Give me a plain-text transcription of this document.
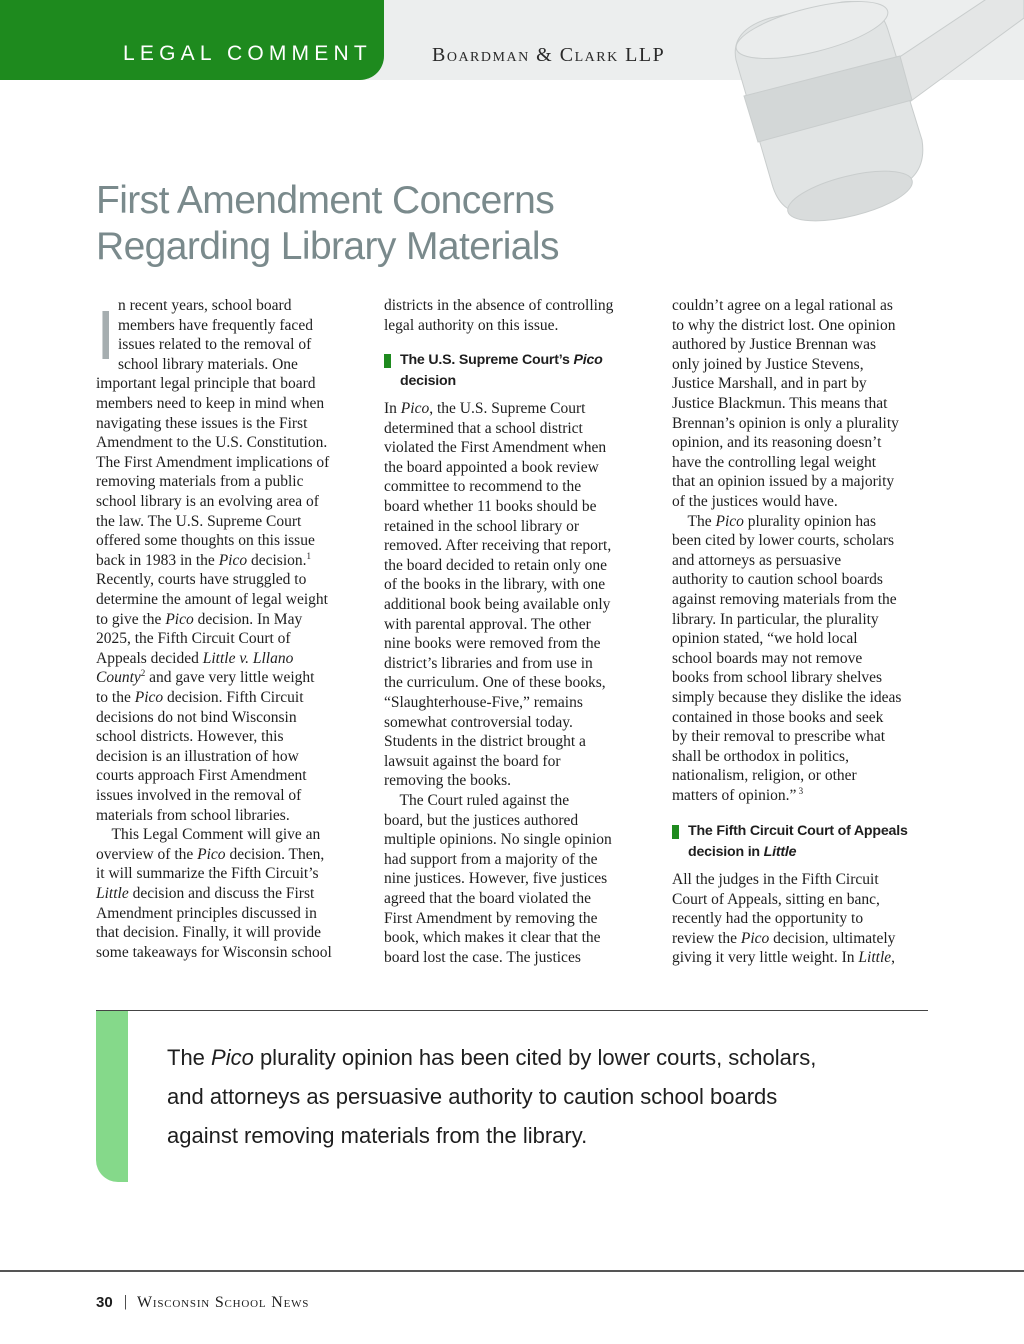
LEGAL COMMENT	Boardman & Clark LLP
First Amendment Concerns
Regarding Library Materials
I n recent years, school board
members have frequently faced
issues related to the removal of
school library materials. One
important legal principle that board
members need to keep in mind when
navigating these issues is the First
Amendment to the U.S. Constitution.
The First Amendment implications of
removing materials from a public
school library is an evolving area of
the law. The U.S. Supreme Court
offered some thoughts on this issue
back in 1983 in the Pico decision.$^1$
Recently, courts have struggled to
determine the amount of legal weight
to give the Pico decision. In May
2025, the Fifth Circuit Court of
Appeals decided Little v. Lllano
County$^2$ and gave very little weight
to the Pico decision. Fifth Circuit
decisions do not bind Wisconsin
school districts. However, this
decision is an illustration of how
courts approach First Amendment
issues involved in the removal of
materials from school libraries.
This Legal Comment will give an
overview of the Pico decision. Then,
it will summarize the Fifth Circuit’s
Little decision and discuss the First
Amendment principles discussed in
that decision. Finally, it will provide
some takeaways for Wisconsin school
districts in the absence of controlling
legal authority on this issue.
The U.S. Supreme Court’s Pico
decision
In Pico, the U.S. Supreme Court
determined that a school district
violated the First Amendment when
the board appointed a book review
committee to recommend to the
board whether 11 books should be
retained in the school library or
removed. After receiving that report,
the board decided to retain only one
of the books in the library, with one
additional book being available only
with parental approval. The other
nine books were removed from the
district’s libraries and from use in
the curriculum. One of these books,
“Slaughterhouse-Five,” remains
somewhat controversial today.
Students in the district brought a
lawsuit against the board for
removing the books.
The Court ruled against the
board, but the justices authored
multiple opinions. No single opinion
had support from a majority of the
nine justices. However, five justices
agreed that the board violated the
First Amendment by removing the
book, which makes it clear that the
board lost the case. The justices
couldn’t agree on a legal rational as
to why the district lost. One opinion
authored by Justice Brennan was
only joined by Justice Stevens,
Justice Marshall, and in part by
Justice Blackmun. This means that
Brennan’s opinion is only a plurality
opinion, and its reasoning doesn’t
have the controlling legal weight
that an opinion issued by a majority
of the justices would have.
The Pico plurality opinion has
been cited by lower courts, scholars
and attorneys as persuasive
authority to caution school boards
against removing materials from the
library. In particular, the plurality
opinion stated, “we hold local
school boards may not remove
books from school library shelves
simply because they dislike the ideas
contained in those books and seek
by their removal to prescribe what
shall be orthodox in politics,
nationalism, religion, or other
matters of opinion.” $^3$
The Fifth Circuit Court of Appeals
decision in Little
All the judges in the Fifth Circuit
Court of Appeals, sitting en banc,
recently had the opportunity to
review the Pico decision, ultimately
giving it very little weight. In Little,
The Pico plurality opinion has been cited by lower courts, scholars,
and attorneys as persuasive authority to caution school boards
against removing materials from the library.
30 | Wisconsin School News
